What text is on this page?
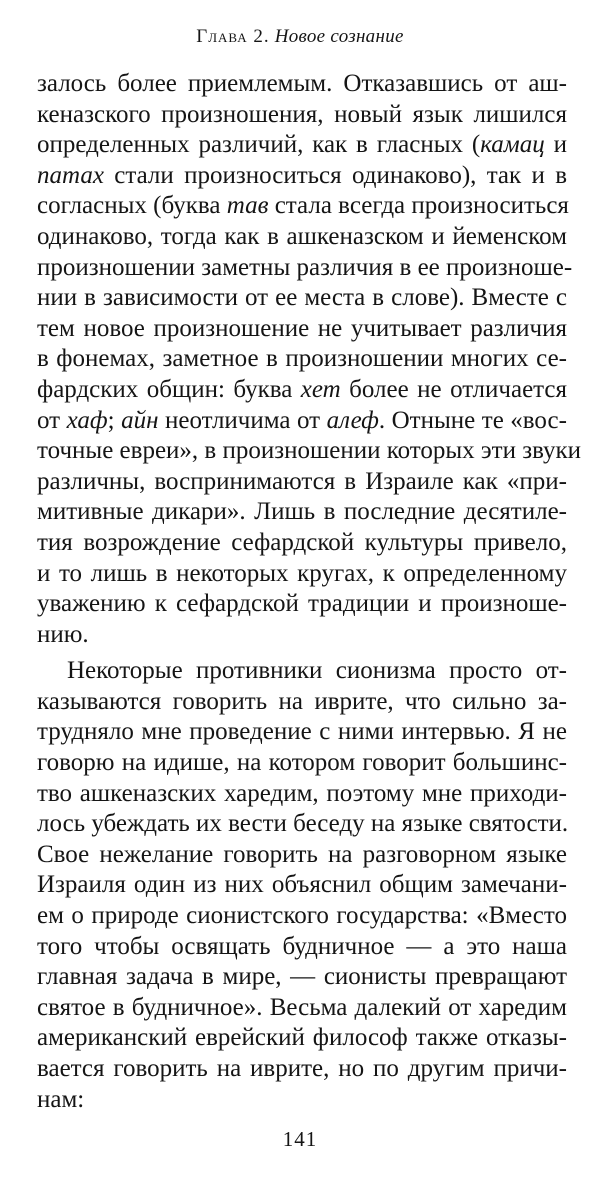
Глава 2. Новое сознание
залось более приемлемым. Отказавшись от аш-
кеназского произношения, новый язык лишился
определенных различий, как в гласных (камац и
патах стали произноситься одинаково), так и в
согласных (буква тав стала всегда произноситься
одинаково, тогда как в ашкеназском и йеменском
произношении заметны различия в ее произноше-
нии в зависимости от ее места в слове). Вместе с
тем новое произношение не учитывает различия
в фонемах, заметное в произношении многих се-
фардских общин: буква хет более не отличается
от хаф; айн неотличима от алеф. Отныне те «вос-
точные евреи», в произношении которых эти звуки
различны, воспринимаются в Израиле как «при-
митивные дикари». Лишь в последние десятиле-
тия возрождение сефардской культуры привело,
и то лишь в некоторых кругах, к определенному
уважению к сефардской традиции и произноше-
нию.
Некоторые противники сионизма просто от-
казываются говорить на иврите, что сильно за-
трудняло мне проведение с ними интервью. Я не
говорю на идише, на котором говорит большинс-
тво ашкеназских харедим, поэтому мне приходи-
лось убеждать их вести беседу на языке святости.
Свое нежелание говорить на разговорном языке
Израиля один из них объяснил общим замечани-
ем о природе сионистского государства: «Вместо
того чтобы освящать будничное — а это наша
главная задача в мире, — сионисты превращают
святое в будничное». Весьма далекий от харедим
американский еврейский философ также отказы-
вается говорить на иврите, но по другим причи-
нам:
141
